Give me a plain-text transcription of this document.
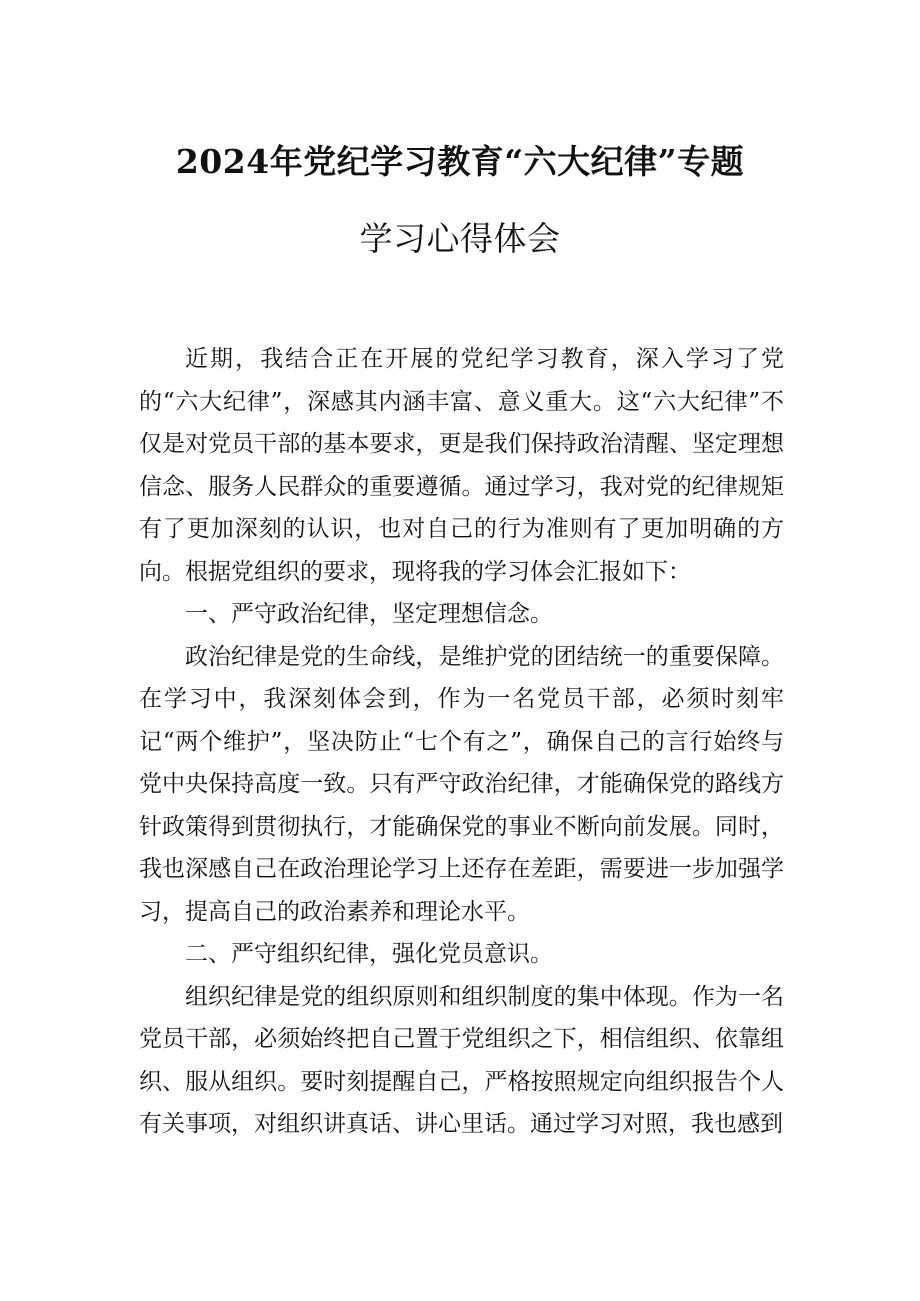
2024年党纪学习教育“六大纪律”专题
学习心得体会

近期，我结合正在开展的党纪学习教育，深入学习了党的“六大纪律”，深感其内涵丰富、意义重大。这“六大纪律”不仅是对党员干部的基本要求，更是我们保持政治清醒、坚定理想信念、服务人民群众的重要遵循。通过学习，我对党的纪律规矩有了更加深刻的认识，也对自己的行为准则有了更加明确的方向。根据党组织的要求，现将我的学习体会汇报如下：

一、严守政治纪律，坚定理想信念。

政治纪律是党的生命线，是维护党的团结统一的重要保障。在学习中，我深刻体会到，作为一名党员干部，必须时刻牢记“两个维护”，坚决防止“七个有之”，确保自己的言行始终与党中央保持高度一致。只有严守政治纪律，才能确保党的路线方针政策得到贯彻执行，才能确保党的事业不断向前发展。同时，我也深感自己在政治理论学习上还存在差距，需要进一步加强学习，提高自己的政治素养和理论水平。

二、严守组织纪律，强化党员意识。

组织纪律是党的组织原则和组织制度的集中体现。作为一名党员干部，必须始终把自己置于党组织之下，相信组织、依靠组织、服从组织。要时刻提醒自己，严格按照规定向组织报告个人有关事项，对组织讲真话、讲心里话。通过学习对照，我也感到
